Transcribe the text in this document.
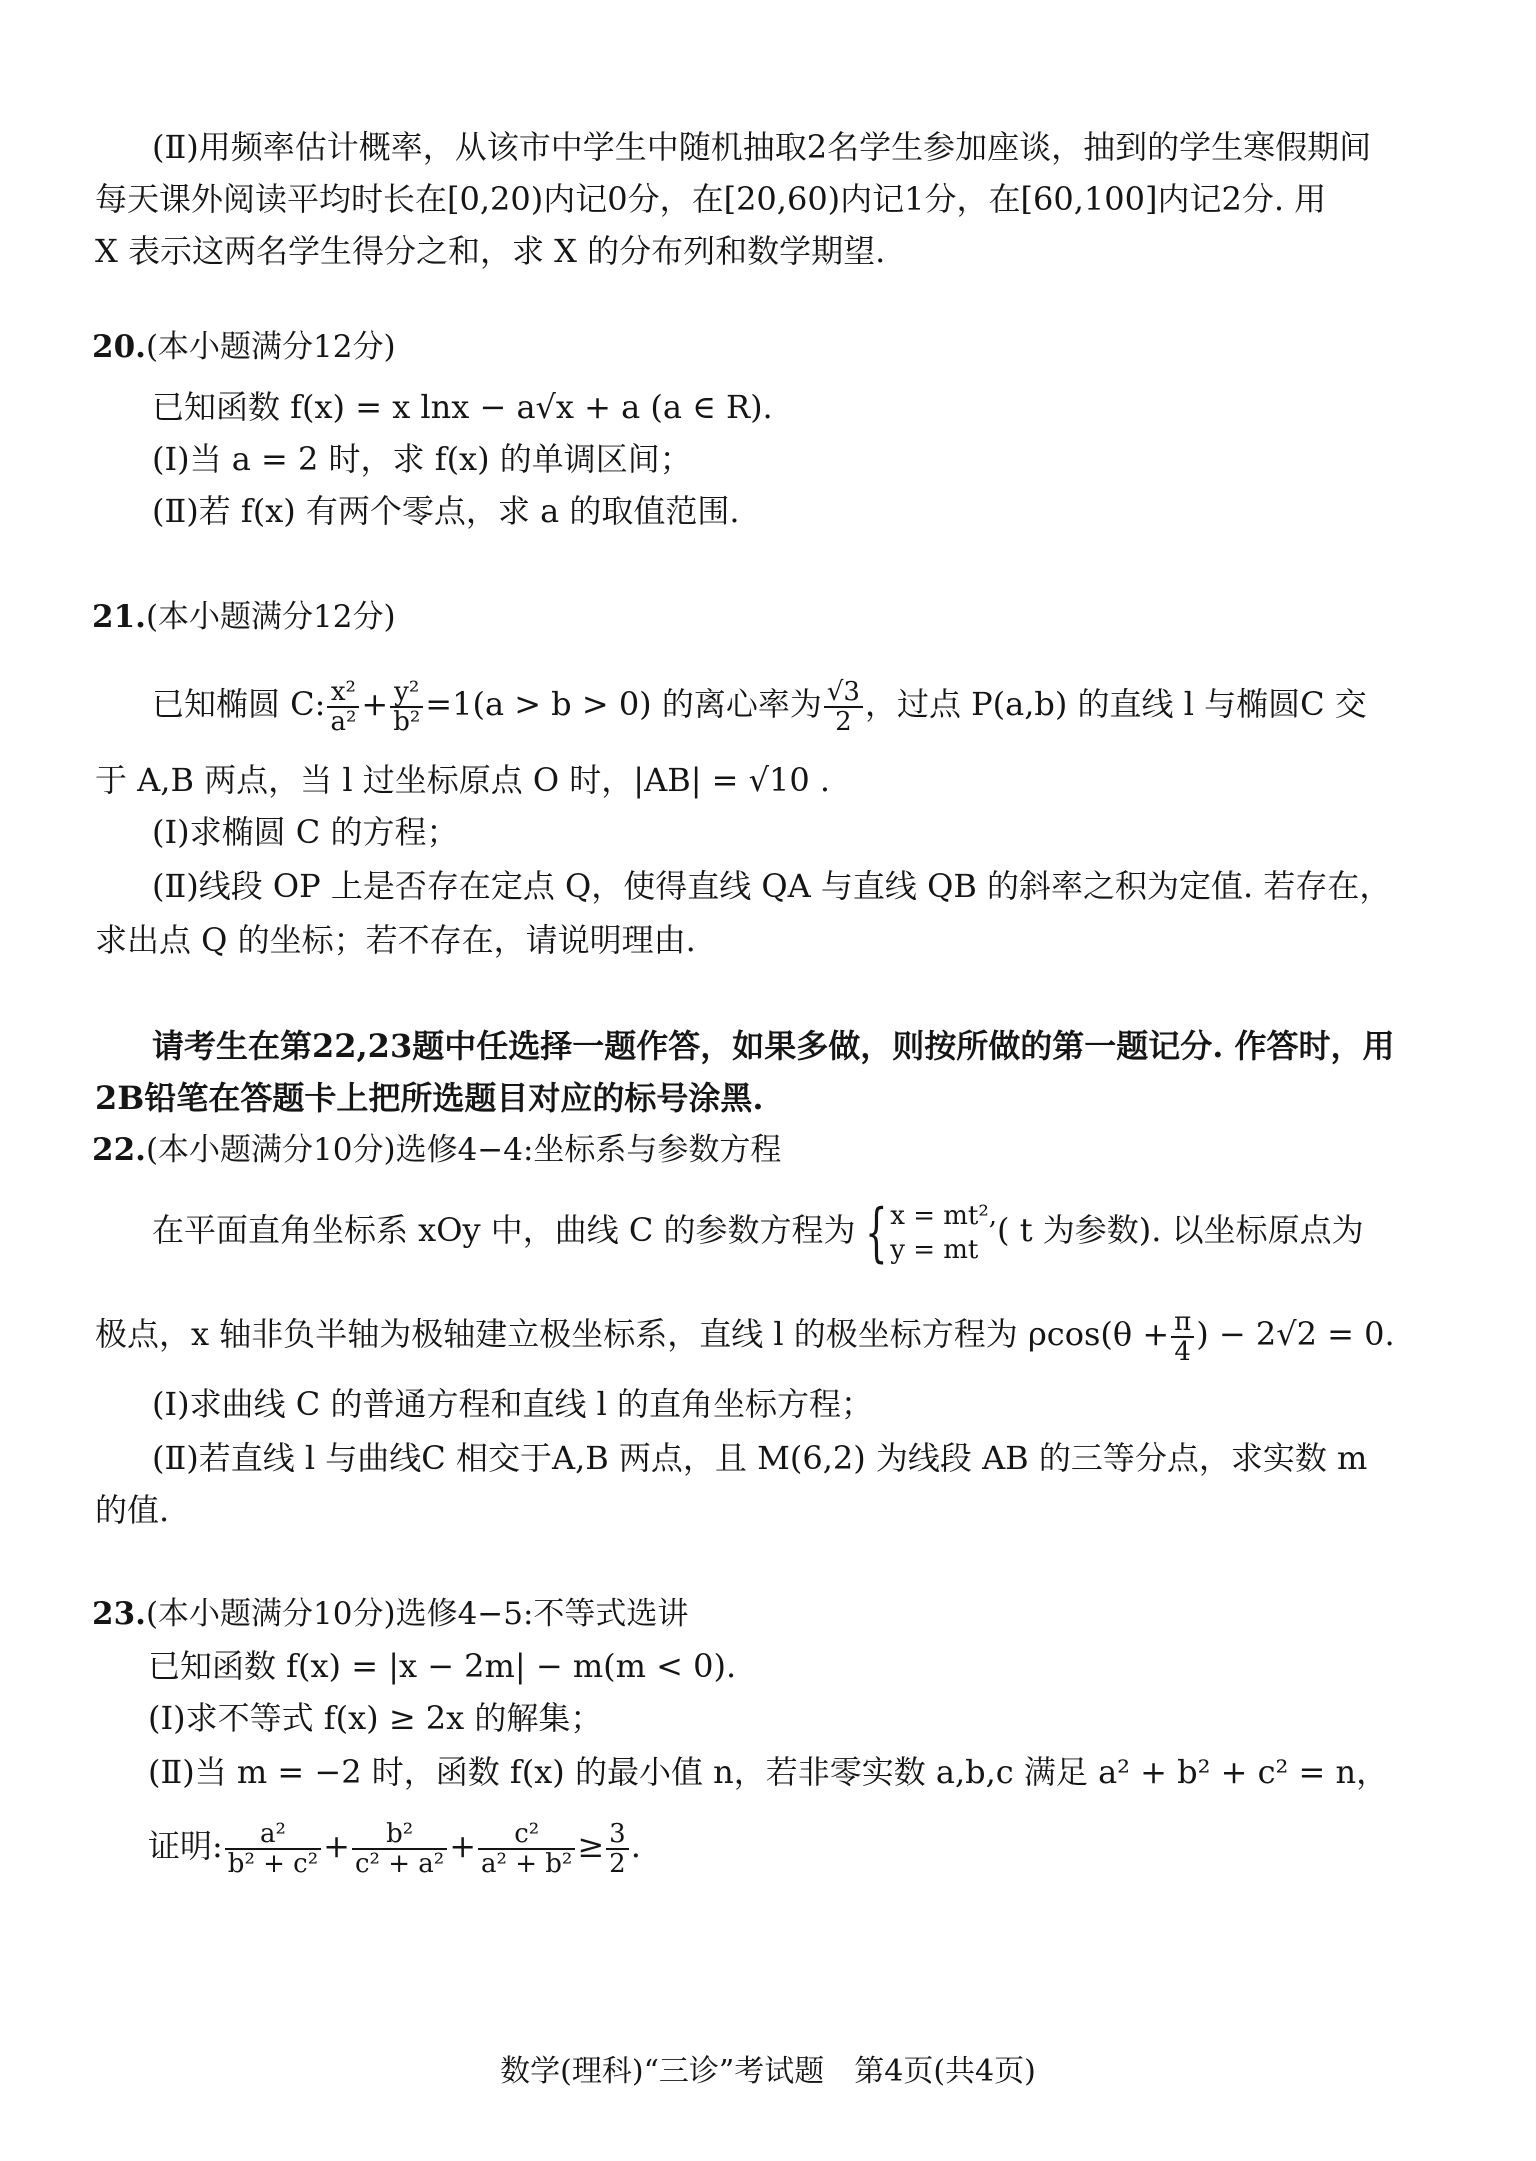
(Ⅱ)用频率估计概率，从该市中学生中随机抽取2名学生参加座谈，抽到的学生寒假期间
每天课外阅读平均时长在[0,20)内记0分，在[20,60)内记1分，在[60,100]内记2分. 用
X 表示这两名学生得分之和，求 X 的分布列和数学期望.
20.(本小题满分12分)
已知函数 f(x) = x lnx − a√x + a (a ∈ R).
(Ⅰ)当 a = 2 时，求 f(x) 的单调区间；
(Ⅱ)若 f(x) 有两个零点，求 a 的取值范围.
21.(本小题满分12分)
已知椭圆 C: $\frac{\text{x²}}{\text{a²}} + \frac{\text{y²}}{\text{b²}} =1(a > b > 0)$ 的离心率为 $\frac{√3}{2}$ ，过点 P(a,b) 的直线 l 与椭圆C 交
于 A,B 两点，当 l 过坐标原点 O 时，|AB| = √10 .
(Ⅰ)求椭圆 C 的方程；
(Ⅱ)线段 OP 上是否存在定点 Q，使得直线 QA 与直线 QB 的斜率之积为定值. 若存在，
求出点 Q 的坐标；若不存在，请说明理由.
请考生在第22,23题中任选择一题作答，如果多做，则按所做的第一题记分. 作答时，用
2B铅笔在答题卡上把所选题目对应的标号涂黑.
22.(本小题满分10分)选修4−4:坐标系与参数方程
在平面直角坐标系 xOy 中，曲线 C 的参数方程为 { x = mt²,
y = mt
( t 为参数). 以坐标原点为
极点，x 轴非负半轴为极轴建立极坐标系，直线 l 的极坐标方程为 $\rho\cos(\theta + \frac{\pi}{4}$ ) − 2√2 = 0.
(Ⅰ)求曲线 C 的普通方程和直线 l 的直角坐标方程；
(Ⅱ)若直线 l 与曲线C 相交于A,B 两点，且 M(6,2) 为线段 AB 的三等分点，求实数 m
的值.
23.(本小题满分10分)选修4−5:不等式选讲
已知函数 f(x) = |x − 2m| − m(m < 0).
(Ⅰ)求不等式 f(x) ≥ 2x 的解集；
(Ⅱ)当 m = −2 时，函数 f(x) 的最小值 n，若非零实数 a,b,c 满足 a² + b² + c² = n，
证明: $\frac{\text{a²}}{\text{b² + c²}} + \frac{\text{b²}}{\text{c² + a²}} + \frac{\text{c²}}{\text{a² + b²}} \ge \frac{3}{2}$ .
数学(理科)“三诊”考试题　第4页(共4页)
